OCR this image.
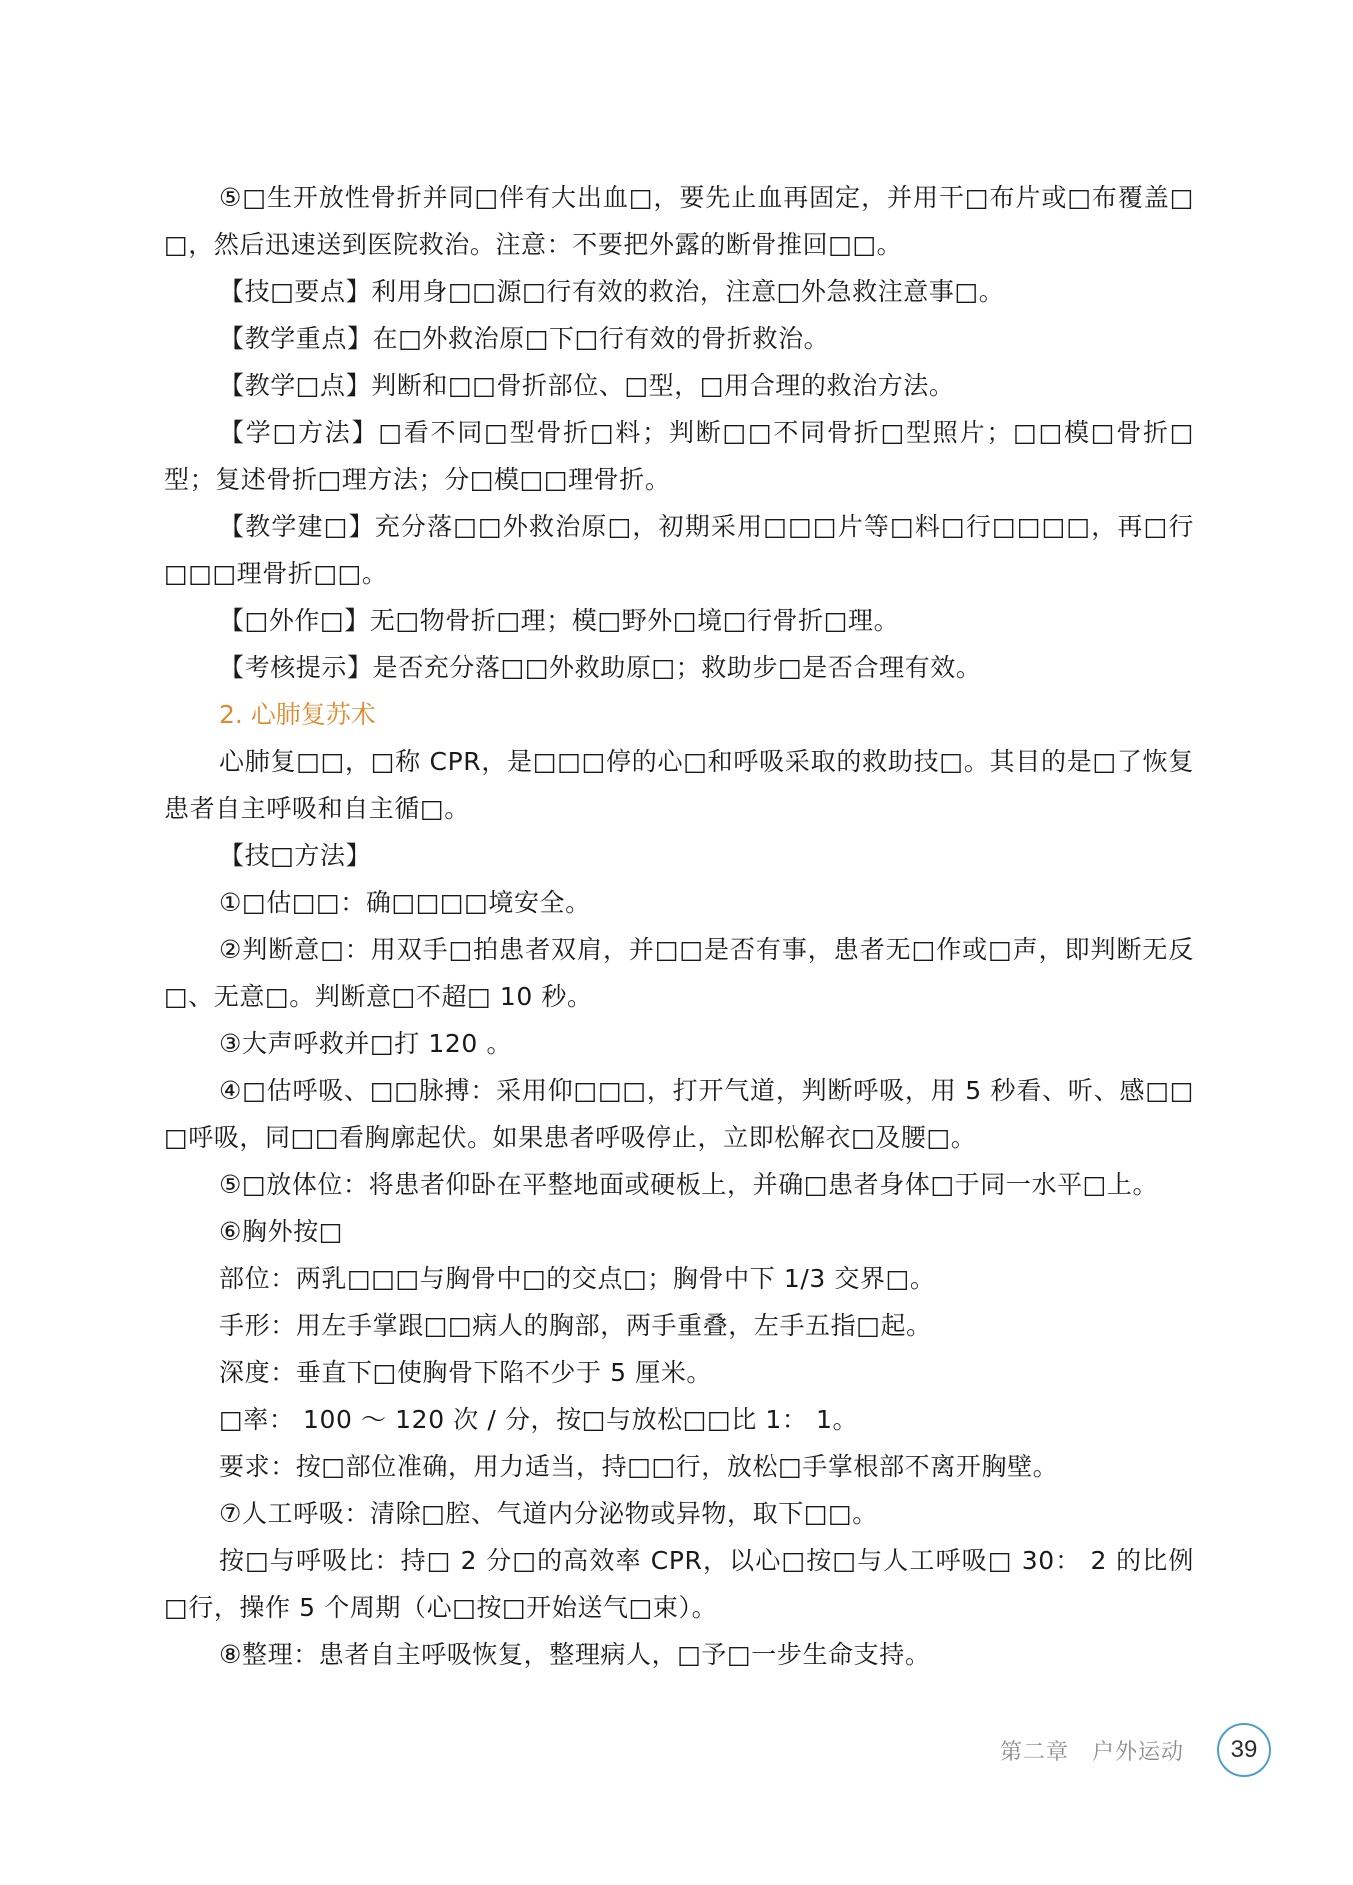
⑤□生开放性骨折并同□伴有大出血□，要先止血再固定，并用干□布片或□布覆盖□□，然后迅速送到医院救治。注意：不要把外露的断骨推回□□。

【技□要点】利用身□□源□行有效的救治，注意□外急救注意事□。

【教学重点】在□外救治原□下□行有效的骨折救治。

【教学□点】判断和□□骨折部位、□型，□用合理的救治方法。

【学□方法】□看不同□型骨折□料；判断□□不同骨折□型照片；□□模□骨折□型；复述骨折□理方法；分□模□□理骨折。

【教学建□】充分落□□外救治原□，初期采用□□□片等□料□行□□□□，再□行□□□理骨折□□。

【□外作□】无□物骨折□理；模□野外□境□行骨折□理。

【考核提示】是否充分落□□外救助原□；救助步□是否合理有效。

2. 心肺复苏术

心肺复□□，□称 CPR，是□□□停的心□和呼吸采取的救助技□。其目的是□了恢复患者自主呼吸和自主循□。

【技□方法】

①□估□□：确□□□□境安全。

②判断意□：用双手□拍患者双肩，并□□是否有事，患者无□作或□声，即判断无反□、无意□。判断意□不超□ 10 秒。

③大声呼救并□打 120 。

④□估呼吸、□□脉搏：采用仰□□□，打开气道，判断呼吸，用 5 秒看、听、感□□□呼吸，同□□看胸廓起伏。如果患者呼吸停止，立即松解衣□及腰□。

⑤□放体位：将患者仰卧在平整地面或硬板上，并确□患者身体□于同一水平□上。

⑥胸外按□

部位：两乳□□□与胸骨中□的交点□；胸骨中下 1/3 交界□。

手形：用左手掌跟□□病人的胸部，两手重叠，左手五指□起。

深度：垂直下□使胸骨下陷不少于 5 厘米。

□率： 100 ～ 120 次 / 分，按□与放松□□比 1： 1。

要求：按□部位准确，用力适当，持□□行，放松□手掌根部不离开胸壁。

⑦人工呼吸：清除□腔、气道内分泌物或异物，取下□□。

按□与呼吸比：持□ 2 分□的高效率 CPR，以心□按□与人工呼吸□ 30： 2 的比例□行，操作 5 个周期（心□按□开始送气□束）。

⑧整理：患者自主呼吸恢复，整理病人，□予□一步生命支持。

第二章　户外运动	39
